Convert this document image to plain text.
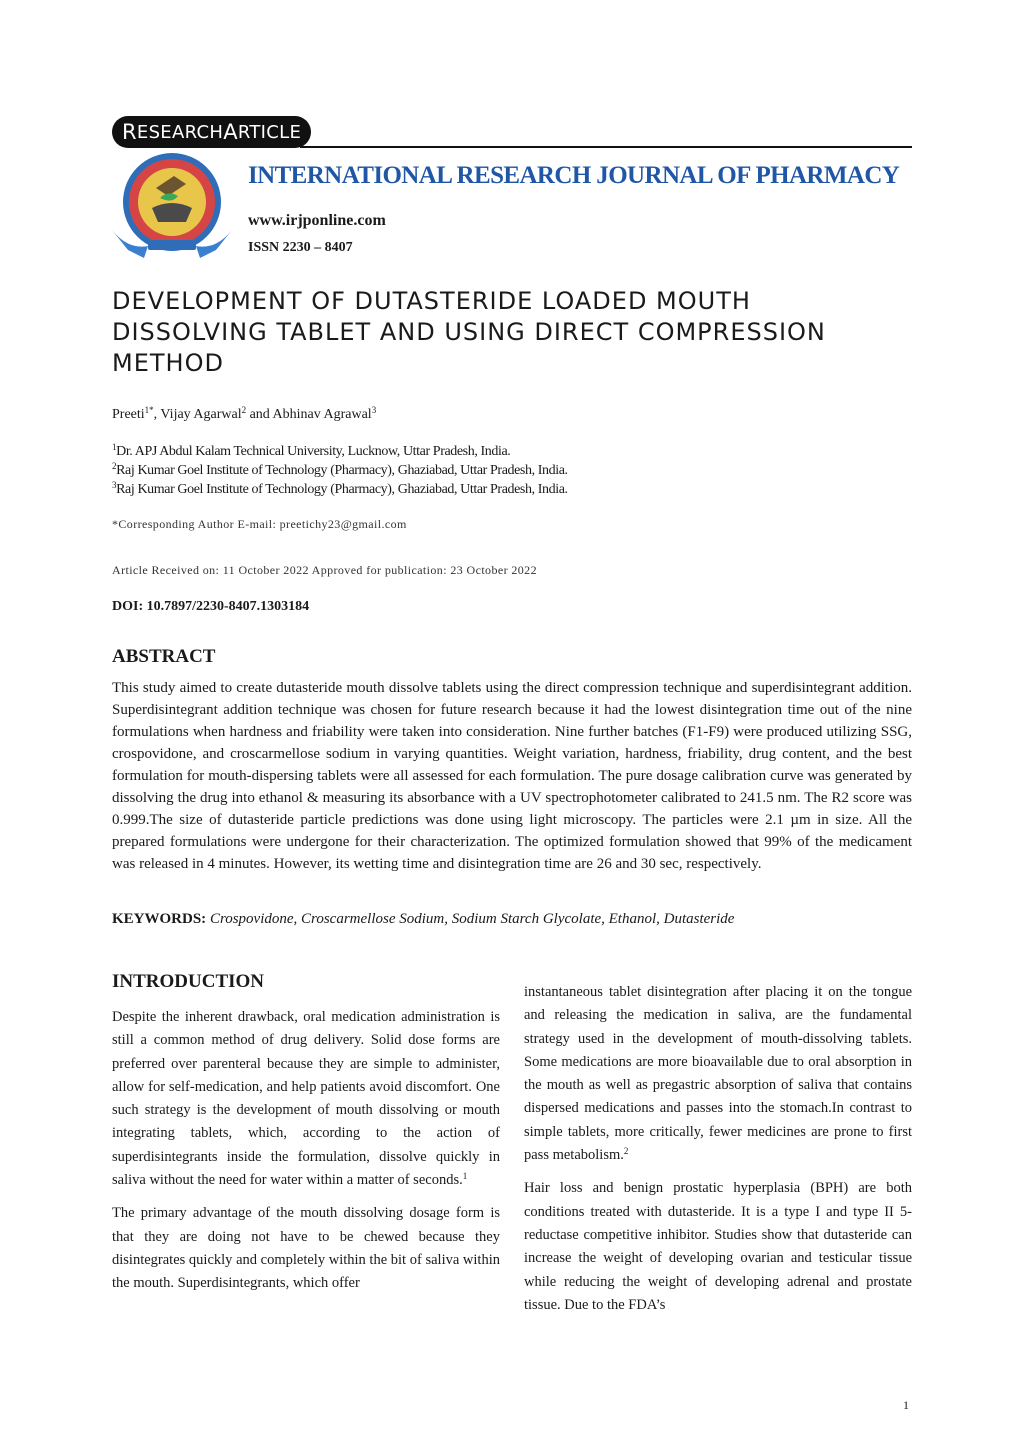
R ESEARCH A RTICLE
INTERNATIONAL RESEARCH JOURNAL OF PHARMACY
www.irjponline.com
ISSN 2230 – 8407
DEVELOPMENT OF DUTASTERIDE LOADED MOUTH DISSOLVING TABLET AND USING DIRECT COMPRESSION METHOD
Preeti$^{1*}$, Vijay Agarwal$^2$ and Abhinav Agrawal$^3$
$^1$Dr. APJ Abdul Kalam Technical University, Lucknow, Uttar Pradesh, India.
$^2$Raj Kumar Goel Institute of Technology (Pharmacy), Ghaziabad, Uttar Pradesh, India.
$^3$Raj Kumar Goel Institute of Technology (Pharmacy), Ghaziabad, Uttar Pradesh, India.
*Corresponding Author E-mail: preetichy23@gmail.com
Article Received on: 11 October 2022 Approved for publication: 23 October 2022
DOI: 10.7897/2230-8407.1303184
ABSTRACT

This study aimed to create dutasteride mouth dissolve tablets using the direct compression technique and superdisintegrant addition. Superdisintegrant addition technique was chosen for future research because it had the lowest disintegration time out of the nine formulations when hardness and friability were taken into consideration. Nine further batches (F1-F9) were produced utilizing SSG, crospovidone, and croscarmellose sodium in varying quantities. Weight variation, hardness, friability, drug content, and the best formulation for mouth-dispersing tablets were all assessed for each formulation. The pure dosage calibration curve was generated by dissolving the drug into ethanol & measuring its absorbance with a UV spectrophotometer calibrated to 241.5 nm. The R2 score was 0.999.The size of dutasteride particle predictions was done using light microscopy. The particles were 2.1 µm in size. All the prepared formulations were undergone for their characterization. The optimized formulation showed that 99% of the medicament was released in 4 minutes. However, its wetting time and disintegration time are 26 and 30 sec, respectively.

KEYWORDS: Crospovidone, Croscarmellose Sodium, Sodium Starch Glycolate, Ethanol, Dutasteride
INTRODUCTION

Despite the inherent drawback, oral medication administration is still a common method of drug delivery. Solid dose forms are preferred over parenteral because they are simple to administer, allow for self-medication, and help patients avoid discomfort. One such strategy is the development of mouth dissolving or mouth integrating tablets, which, according to the action of superdisintegrants inside the formulation, dissolve quickly in saliva without the need for water within a matter of seconds.$^1$

The primary advantage of the mouth dissolving dosage form is that they are doing not have to be chewed because they disintegrates quickly and completely within the bit of saliva within the mouth. Superdisintegrants, which offer

instantaneous tablet disintegration after placing it on the tongue and releasing the medication in saliva, are the fundamental strategy used in the development of mouth-dissolving tablets. Some medications are more bioavailable due to oral absorption in the mouth as well as pregastric absorption of saliva that contains dispersed medications and passes into the stomach.In contrast to simple tablets, more critically, fewer medicines are prone to first pass metabolism.$^2$

Hair loss and benign prostatic hyperplasia (BPH) are both conditions treated with dutasteride. It is a type I and type II 5-reductase competitive inhibitor. Studies show that dutasteride can increase the weight of developing ovarian and testicular tissue while reducing the weight of developing adrenal and prostate tissue. Due to the FDA’s

1
